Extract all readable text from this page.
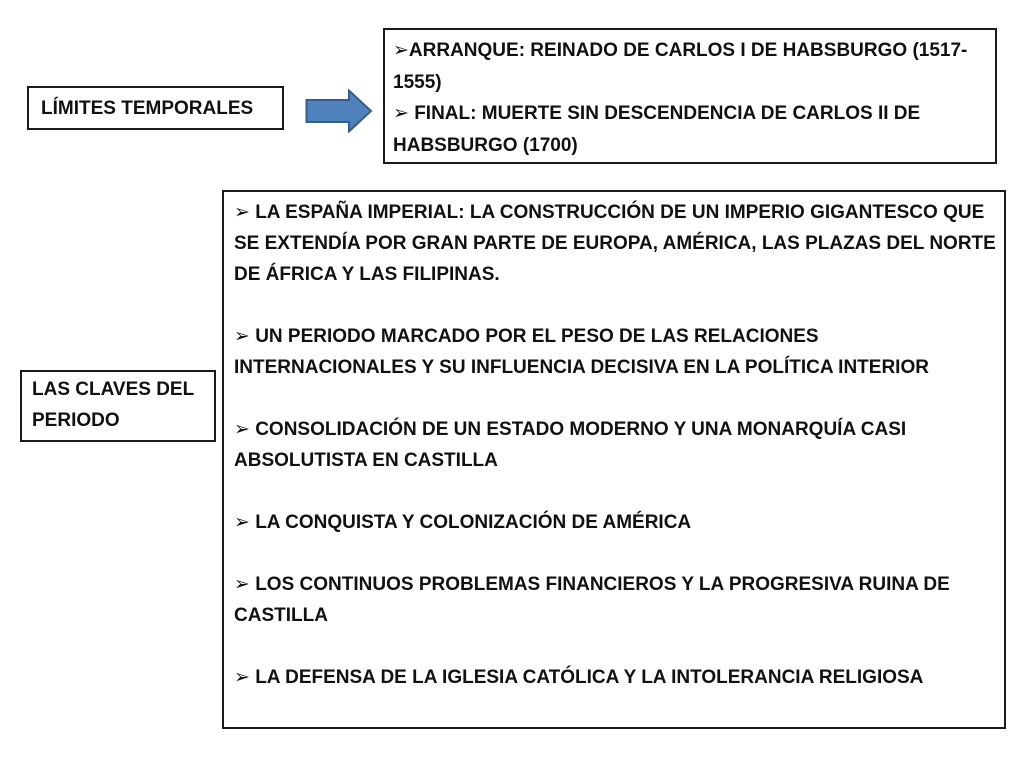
LÍMITES TEMPORALES
➢ARRANQUE: REINADO DE CARLOS I DE HABSBURGO (1517-1555)
➢ FINAL: MUERTE SIN DESCENDENCIA DE CARLOS II DE HABSBURGO (1700)
LAS CLAVES DEL PERIODO
➢ LA ESPAÑA IMPERIAL: LA CONSTRUCCIÓN DE UN IMPERIO GIGANTESCO QUE SE EXTENDÍA POR GRAN PARTE DE EUROPA, AMÉRICA, LAS PLAZAS DEL NORTE DE ÁFRICA Y LAS FILIPINAS.
➢ UN PERIODO MARCADO POR EL PESO DE LAS RELACIONES INTERNACIONALES Y SU INFLUENCIA DECISIVA EN LA POLÍTICA INTERIOR
➢ CONSOLIDACIÓN DE UN ESTADO MODERNO Y UNA MONARQUÍA CASI ABSOLUTISTA EN CASTILLA
➢ LA CONQUISTA Y COLONIZACIÓN DE AMÉRICA
➢ LOS CONTINUOS PROBLEMAS FINANCIEROS Y LA PROGRESIVA RUINA DE CASTILLA
➢ LA DEFENSA DE LA IGLESIA CATÓLICA Y LA INTOLERANCIA RELIGIOSA
